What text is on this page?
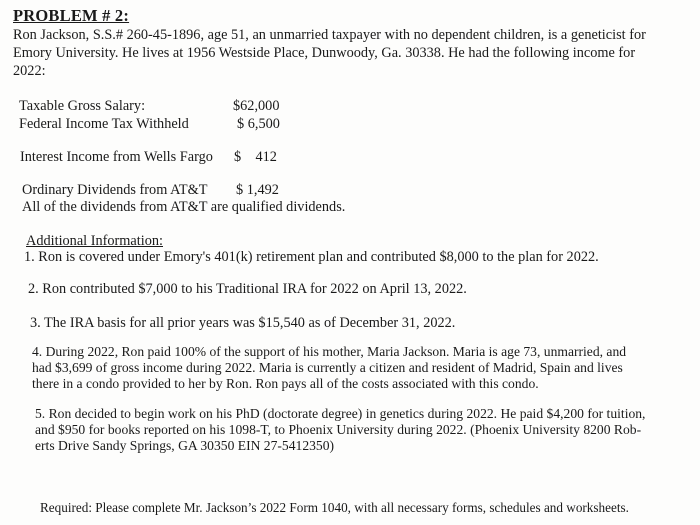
PROBLEM # 2:
Ron Jackson, S.S.# 260-45-1896, age 51, an unmarried taxpayer with no dependent children, is a geneticist for
Emory University. He lives at 1956 Westside Place, Dunwoody, Ga. 30338. He had the following income for
2022:
Taxable Gross Salary:	$62,000
Federal Income Tax Withheld	$ 6,500
Interest Income from Wells Fargo $    412
Ordinary Dividends from AT&T $ 1,492
All of the dividends from AT&T are qualified dividends.
Additional Information:
1. Ron is covered under Emory's 401(k) retirement plan and contributed $8,000 to the plan for 2022.
2. Ron contributed $7,000 to his Traditional IRA for 2022 on April 13, 2022.
3. The IRA basis for all prior years was $15,540 as of December 31, 2022.
4. During 2022, Ron paid 100% of the support of his mother, Maria Jackson. Maria is age 73, unmarried, and
had $3,699 of gross income during 2022. Maria is currently a citizen and resident of Madrid, Spain and lives
there in a condo provided to her by Ron. Ron pays all of the costs associated with this condo.
5. Ron decided to begin work on his PhD (doctorate degree) in genetics during 2022. He paid $4,200 for tuition,
and $950 for books reported on his 1098-T, to Phoenix University during 2022. (Phoenix University 8200 Rob-
erts Drive Sandy Springs, GA 30350 EIN 27-5412350)
Required: Please complete Mr. Jackson’s 2022 Form 1040, with all necessary forms, schedules and worksheets.
